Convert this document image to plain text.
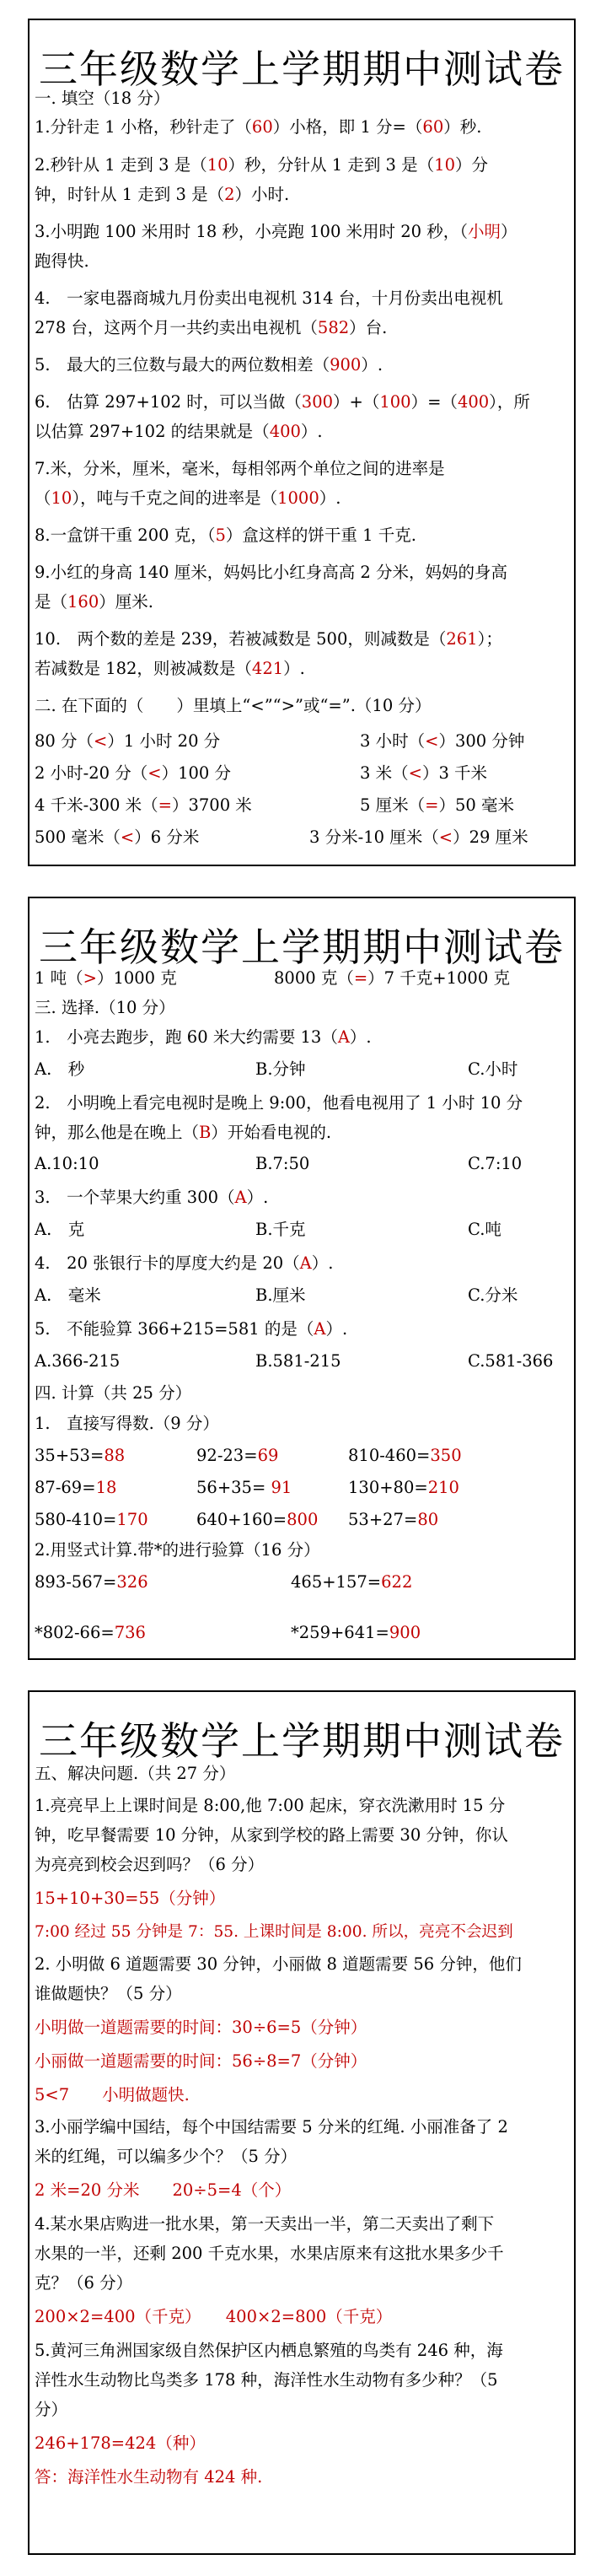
三年级数学上学期期中测试卷
一. 填空（18 分）
1.分针走 1 小格，秒针走了（60）小格，即 1 分=（60）秒.
2.秒针从 1 走到 3 是（10）秒，分针从 1 走到 3 是（10）分
钟，时针从 1 走到 3 是（2）小时.
3.小明跑 100 米用时 18 秒，小亮跑 100 米用时 20 秒，（小明）
跑得快.
4.　一家电器商城九月份卖出电视机 314 台，十月份卖出电视机
278 台，这两个月一共约卖出电视机（582）台.
5.　最大的三位数与最大的两位数相差（900）.
6.　估算 297+102 时，可以当做（300）+（100）=（400），所
以估算 297+102 的结果就是（400）.
7.米，分米，厘米，毫米，每相邻两个单位之间的进率是
（10），吨与千克之间的进率是（1000）.
8.一盒饼干重 200 克，（5）盒这样的饼干重 1 千克.
9.小红的身高 140 厘米，妈妈比小红身高高 2 分米，妈妈的身高
是（160）厘米.
10.　两个数的差是 239，若被减数是 500，则减数是（261）；
若减数是 182，则被减数是（421）.
二. 在下面的（　　）里填上“<”“>”或“=”.（10 分）
80 分（<）1 小时 20 分	3 小时（<）300 分钟
2 小时-20 分（<）100 分	3 米（<）3 千米
4 千米-300 米（=）3700 米	5 厘米（=）50 毫米
500 毫米（<）6 分米	3 分米-10 厘米（<）29 厘米
三年级数学上学期期中测试卷
1 吨（>）1000 克	8000 克（=）7 千克+1000 克
三. 选择.（10 分）
1.　小亮去跑步，跑 60 米大约需要 13（A）.
A.　秒	B.分钟	C.小时
2.　小明晚上看完电视时是晚上 9:00，他看电视用了 1 小时 10 分
钟，那么他是在晚上（B）开始看电视的.
A.10:10	B.7:50	C.7:10
3.　一个苹果大约重 300（A）.
A.　克	B.千克	C.吨
4.　20 张银行卡的厚度大约是 20（A）.
A.　毫米	B.厘米	C.分米
5.　不能验算 366+215=581 的是（A）.
A.366-215	B.581-215	C.581-366
四. 计算（共 25 分）
1.　直接写得数.（9 分）
35+53=88	92-23=69	810-460=350
87-69=18	56+35= 91	130+80=210
580-410=170	640+160=800 53+27=80
2.用竖式计算.带*的进行验算（16 分）
893-567=326	465+157=622
*802-66=736	*259+641=900
三年级数学上学期期中测试卷
五、解决问题.（共 27 分）
1.亮亮早上上课时间是 8:00,他 7:00 起床，穿衣洗漱用时 15 分
钟，吃早餐需要 10 分钟，从家到学校的路上需要 30 分钟，你认
为亮亮到校会迟到吗？（6 分）
15+10+30=55（分钟）
7:00 经过 55 分钟是 7：55. 上课时间是 8:00. 所以，亮亮不会迟到
2. 小明做 6 道题需要 30 分钟，小丽做 8 道题需要 56 分钟，他们
谁做题快？（5 分）
小明做一道题需要的时间：30÷6=5（分钟）
小丽做一道题需要的时间：56÷8=7（分钟）
5<7　　小明做题快.
3.小丽学编中国结，每个中国结需要 5 分米的红绳. 小丽准备了 2
米的红绳，可以编多少个？（5 分）
2 米=20 分米　　20÷5=4（个）
4.某水果店购进一批水果，第一天卖出一半，第二天卖出了剩下
水果的一半，还剩 200 千克水果，水果店原来有这批水果多少千
克？（6 分）
200×2=400（千克）　　400×2=800（千克）
5.黄河三角洲国家级自然保护区内栖息繁殖的鸟类有 246 种，海
洋性水生动物比鸟类多 178 种，海洋性水生动物有多少种？（5
分）
246+178=424（种）
答：海洋性水生动物有 424 种.
